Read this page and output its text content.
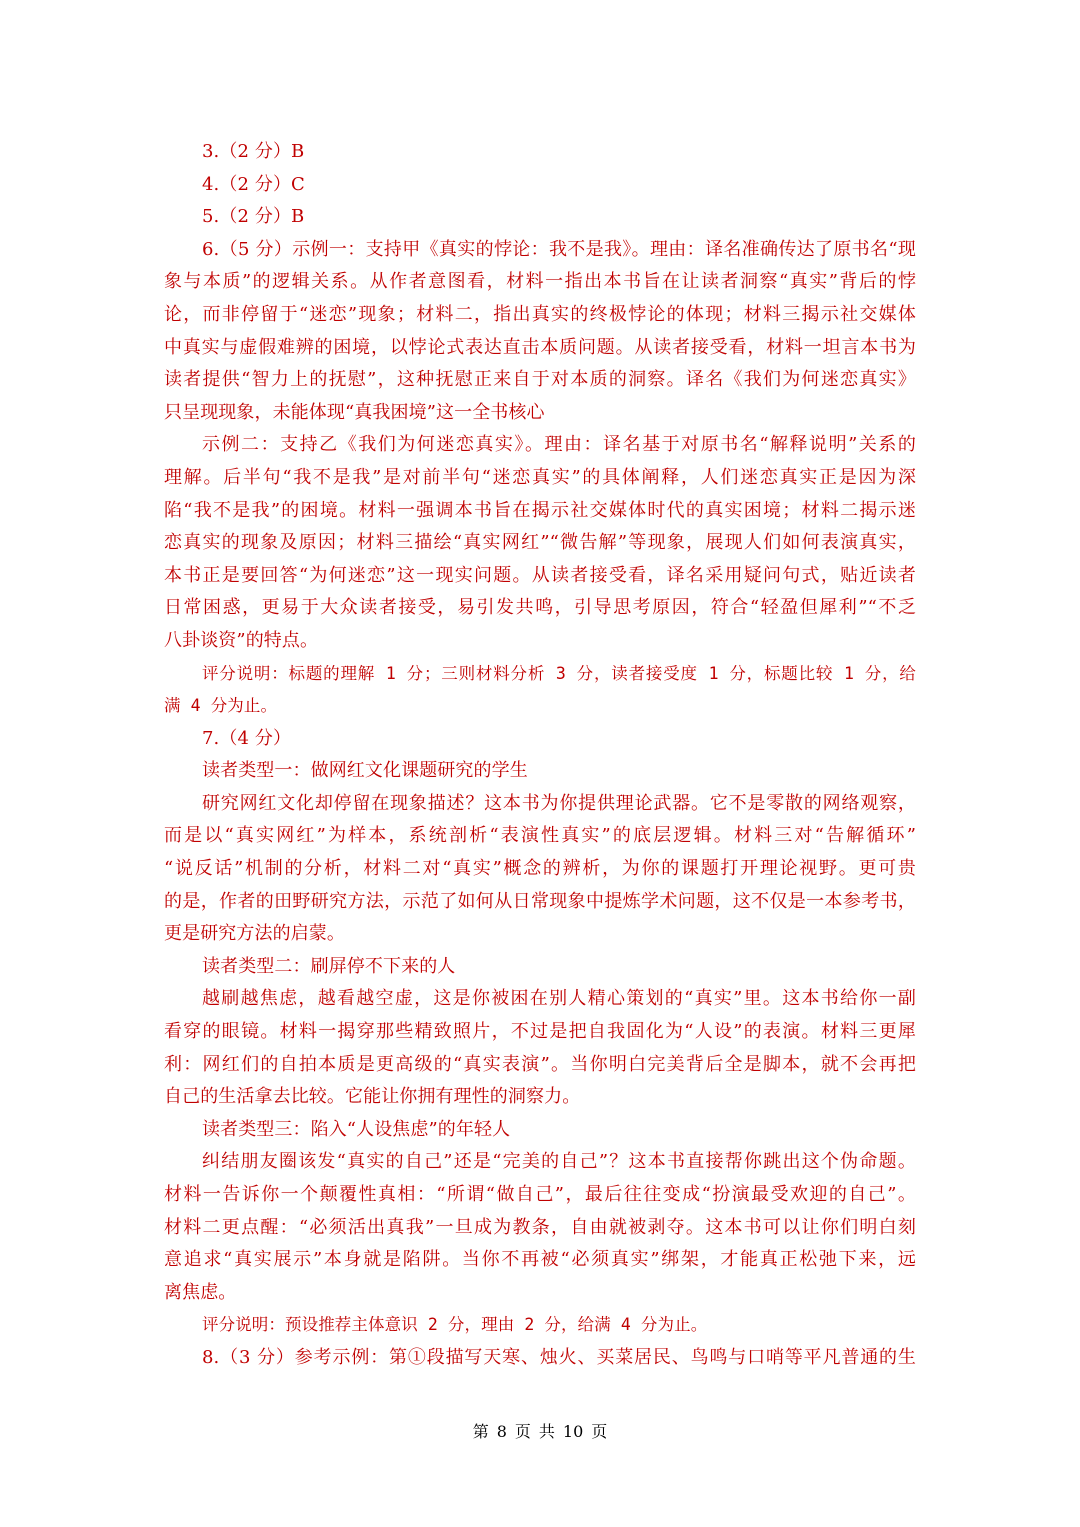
3.（2 分）B
4.（2 分）C
5.（2 分）B
6.（5 分）示例一：支持甲《真实的悖论：我不是我》。理由：译名准确传达了原书名“现
象与本质”的逻辑关系。从作者意图看，材料一指出本书旨在让读者洞察“真实”背后的悖
论，而非停留于“迷恋”现象；材料二，指出真实的终极悖论的体现；材料三揭示社交媒体
中真实与虚假难辨的困境，以悖论式表达直击本质问题。从读者接受看，材料一坦言本书为
读者提供“智力上的抚慰”，这种抚慰正来自于对本质的洞察。译名《我们为何迷恋真实》
只呈现现象，未能体现“真我困境”这一全书核心
示例二：支持乙《我们为何迷恋真实》。理由：译名基于对原书名“解释说明”关系的
理解。后半句“我不是我”是对前半句“迷恋真实”的具体阐释，人们迷恋真实正是因为深
陷“我不是我”的困境。材料一强调本书旨在揭示社交媒体时代的真实困境；材料二揭示迷
恋真实的现象及原因；材料三描绘“真实网红”“微告解”等现象，展现人们如何表演真实，
本书正是要回答“为何迷恋”这一现实问题。从读者接受看，译名采用疑问句式，贴近读者
日常困惑，更易于大众读者接受，易引发共鸣，引导思考原因，符合“轻盈但犀利”“不乏
八卦谈资”的特点。
评分说明：标题的理解 1 分；三则材料分析 3 分，读者接受度 1 分，标题比较 1 分，给
满 4 分为止。
7.（4 分）
读者类型一：做网红文化课题研究的学生
研究网红文化却停留在现象描述？这本书为你提供理论武器。它不是零散的网络观察，
而是以“真实网红”为样本，系统剖析“表演性真实”的底层逻辑。材料三对“告解循环”
“说反话”机制的分析，材料二对“真实”概念的辨析，为你的课题打开理论视野。更可贵
的是，作者的田野研究方法，示范了如何从日常现象中提炼学术问题，这不仅是一本参考书，
更是研究方法的启蒙。
读者类型二：刷屏停不下来的人
越刷越焦虑，越看越空虚，这是你被困在别人精心策划的“真实”里。这本书给你一副
看穿的眼镜。材料一揭穿那些精致照片，不过是把自我固化为“人设”的表演。材料三更犀
利：网红们的自拍本质是更高级的“真实表演”。当你明白完美背后全是脚本，就不会再把
自己的生活拿去比较。它能让你拥有理性的洞察力。
读者类型三：陷入“人设焦虑”的年轻人
纠结朋友圈该发“真实的自己”还是“完美的自己”？这本书直接帮你跳出这个伪命题。
材料一告诉你一个颠覆性真相：“所谓“做自己”，最后往往变成“扮演最受欢迎的自己”。
材料二更点醒：“必须活出真我”一旦成为教条，自由就被剥夺。这本书可以让你们明白刻
意追求“真实展示”本身就是陷阱。当你不再被“必须真实”绑架，才能真正松弛下来，远
离焦虑。
评分说明：预设推荐主体意识 2 分，理由 2 分，给满 4 分为止。
8.（3 分）参考示例：第①段描写天寒、烛火、买菜居民、鸟鸣与口哨等平凡普通的生
第 8 页 共 10 页
